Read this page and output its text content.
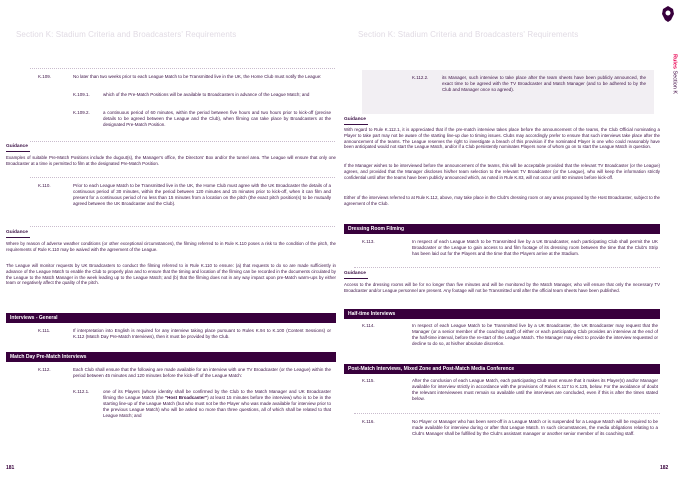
Section K: Stadium Criteria and Broadcasters' Requirements
K.109.	No later than two weeks prior to each League Match to be Transmitted live in the UK, the Home Club must notify the League:
K.109.1.	which of the Pre-Match Positions will be available to Broadcasters in advance of the League Match; and
K.109.2.	a continuous period of 60 minutes, within the period between five hours and two hours prior to kick-off (precise details to be agreed between the League and the Club), when filming can take place by Broadcasters at the designated Pre-Match Position.
Guidance
Examples of suitable Pre-Match Positions include the dugout(s), the Manager's office, the Directors' Box and/or the tunnel area. The League will ensure that only one Broadcaster at a time is permitted to film at the designated Pre-Match Position.
K.110.	Prior to each League Match to be Transmitted live in the UK, the Home Club must agree with the UK Broadcaster the details of a continuous period of 30 minutes, within the period between 120 minutes and 15 minutes prior to kick-off, when it can film and present for a continuous period of no less than 15 minutes from a location on the pitch (the exact pitch position(s) to be mutually agreed between the UK Broadcaster and the Club).
Guidance
Where by reason of adverse weather conditions (or other exceptional circumstances), the filming referred to in Rule K.110 poses a risk to the condition of the pitch, the requirements of Rule K.110 may be waived with the agreement of the League.
The League will monitor requests by UK Broadcasters to conduct the filming referred to in Rule K.110 to ensure: (a) that requests to do so are made sufficiently in advance of the League Match to enable the Club to properly plan and to ensure that the timing and location of the filming can be recorded in the documents circulated by the League to the Match Manager in the week leading up to the League Match; and (b) that the filming does not in any way impact upon pre-Match warm-ups by either team or negatively affect the quality of the pitch.
Interviews - General
K.111.	If interpretation into English is required for any interview taking place pursuant to Rules K.94 to K.100 (Content Sessions) or K.112 (Match Day Pre-Match Interviews), then it must be provided by the Club.
Match Day Pre-Match Interviews
K.112.	Each Club shall ensure that the following are made available for an interview with one TV Broadcaster (or the League) within the period between 45 minutes and 120 minutes before the kick-off of the League Match:
K.112.1.	one of its Players (whose identity shall be confirmed by the Club to the Match Manager and UK Broadcaster filming the League Match (the "Host Broadcaster") at least 15 minutes before the interview) who is to be in the starting line-up of the League Match (but who must not be the Player who was made available for interview prior to the previous League Match) who will be asked no more than three questions, all of which shall be related to that League Match; and
181
Section K: Stadium Criteria and Broadcasters' Requirements
K.112.2.	its Manager, such interview to take place after the team sheets have been publicly announced, the exact time to be agreed with the TV Broadcaster and Match Manager (and to be adhered to by the Club and Manager once so agreed).
Guidance
With regard to Rule K.112.1, it is appreciated that if the pre-match interview takes place before the announcement of the teams, the Club Official nominating a Player to take part may not be aware of the starting line-up due to timing issues. Clubs may accordingly prefer to ensure that such interviews take place after the announcement of the teams. The League reserves the right to investigate a breach of this provision if the nominated Player is one who could reasonably have been anticipated would not start the League Match, and/or if a Club persistently nominates Players none of whom go on to start the League Match in question.
If the Manager wishes to be interviewed before the announcement of the teams, this will be acceptable provided that the relevant TV Broadcaster (or the League) agrees, and provided that the Manager discloses his/her team selection to the relevant TV Broadcaster (or the League), who will keep the information strictly confidential until after the teams have been publicly announced which, as noted in Rule K.83, will not occur until 60 minutes before kick-off.
Either of the interviews referred to at Rule K.112, above, may take place in the Club's dressing room or any areas proposed by the Host Broadcaster, subject to the agreement of the Club.
Dressing Room Filming
K.113.	In respect of each League Match to be Transmitted live by a UK Broadcaster, each participating Club shall permit the UK Broadcaster or the League to gain access to and film footage of its dressing room between the time that the Club's Strip has been laid out for the Players and the time that the Players arrive at the Stadium.
Guidance
Access to the dressing rooms will be for no longer than five minutes and will be monitored by the Match Manager, who will ensure that only the necessary TV Broadcaster and/or League personnel are present. Any footage will not be Transmitted until after the official team sheets have been published.
Half-time Interviews
K.114.	In respect of each League Match to be Transmitted live by a UK Broadcaster, the UK Broadcaster may request that the Manager (or a senior member of the coaching staff) of either or each participating Club provides an interview at the end of the half-time interval, before the re-start of the League Match. The Manager may elect to provide the interview requested or decline to do so, at his/her absolute discretion.
Post-Match Interviews, Mixed Zone and Post-Match Media Conference
K.115.	After the conclusion of each League Match, each participating Club must ensure that it makes its Player(s) and/or Manager available for interview strictly in accordance with the provisions of Rules K.117 to K.125, below. For the avoidance of doubt the relevant interviewees must remain so available until the interviews are concluded, even if this is after the times stated below.
K.116.	No Player or Manager who has been sent-off in a League Match or is suspended for a League Match will be required to be made available for interview during or after that League Match. In such circumstances, the media obligations relating to a Club's Manager shall be fulfilled by the Club's assistant manager or another senior member of its coaching staff.
182
Rules Section K
